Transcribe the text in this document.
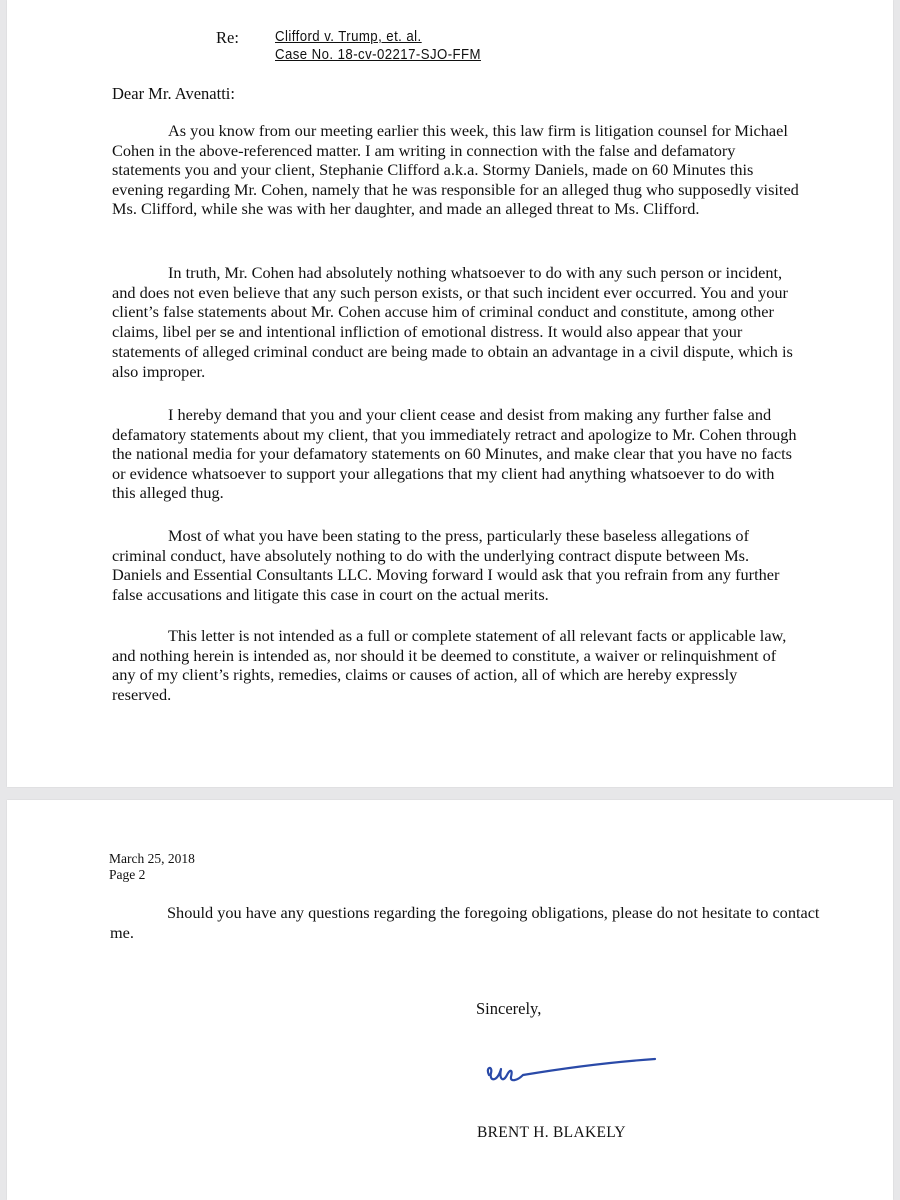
Re: Clifford v. Trump, et. al.
Case No. 18-cv-02217-SJO-FFM
Dear Mr. Avenatti:

As you know from our meeting earlier this week, this law firm is litigation counsel for Michael Cohen in the above-referenced matter. I am writing in connection with the false and defamatory statements you and your client, Stephanie Clifford a.k.a. Stormy Daniels, made on 60 Minutes this evening regarding Mr. Cohen, namely that he was responsible for an alleged thug who supposedly visited Ms. Clifford, while she was with her daughter, and made an alleged threat to Ms. Clifford.

In truth, Mr. Cohen had absolutely nothing whatsoever to do with any such person or incident, and does not even believe that any such person exists, or that such incident ever occurred. You and your client’s false statements about Mr. Cohen accuse him of criminal conduct and constitute, among other claims, libel per se and intentional infliction of emotional distress. It would also appear that your statements of alleged criminal conduct are being made to obtain an advantage in a civil dispute, which is also improper.

I hereby demand that you and your client cease and desist from making any further false and defamatory statements about my client, that you immediately retract and apologize to Mr. Cohen through the national media for your defamatory statements on 60 Minutes, and make clear that you have no facts or evidence whatsoever to support your allegations that my client had anything whatsoever to do with this alleged thug.

Most of what you have been stating to the press, particularly these baseless allegations of criminal conduct, have absolutely nothing to do with the underlying contract dispute between Ms. Daniels and Essential Consultants LLC. Moving forward I would ask that you refrain from any further false accusations and litigate this case in court on the actual merits.

This letter is not intended as a full or complete statement of all relevant facts or applicable law, and nothing herein is intended as, nor should it be deemed to constitute, a waiver or relinquishment of any of my client’s rights, remedies, claims or causes of action, all of which are hereby expressly reserved.

March 25, 2018
Page 2

Should you have any questions regarding the foregoing obligations, please do not hesitate to contact me.

Sincerely,
BRENT H. BLAKELY
